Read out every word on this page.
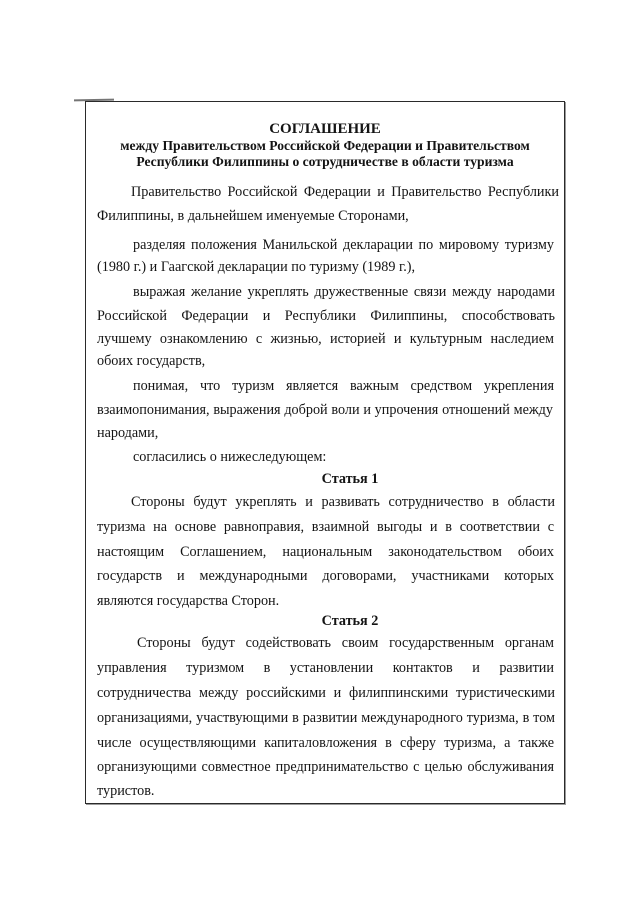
СОГЛАШЕНИЕ
между Правительством Российской Федерации и Правительством
Республики Филиппины о сотрудничестве в области туризма
Правительство Российской Федерации и Правительство Республики
Филиппины, в дальнейшем именуемые Сторонами,
разделяя положения Манильской декларации по мировому туризму
(1980 г.) и Гаагской декларации по туризму (1989 г.),
выражая желание укреплять дружественные связи между народами
Российской Федерации и Республики Филиппины, способствовать
лучшему ознакомлению с жизнью, историей и культурным наследием
обоих государств,
понимая, что туризм является важным средством укрепления
взаимопонимания, выражения доброй воли и упрочения отношений между
народами,
согласились о нижеследующем:
Статья 1
Стороны будут укреплять и развивать сотрудничество в области
туризма на основе равноправия, взаимной выгоды и в соответствии с
настоящим Соглашением, национальным законодательством обоих
государств и международными договорами, участниками которых
являются государства Сторон.
Статья 2
Стороны будут содействовать своим государственным органам
управления туризмом в установлении контактов и развитии
сотрудничества между российскими и филиппинскими туристическими
организациями, участвующими в развитии международного туризма, в том
числе осуществляющими капиталовложения в сферу туризма, а также
организующими совместное предпринимательство с целью обслуживания
туристов.
